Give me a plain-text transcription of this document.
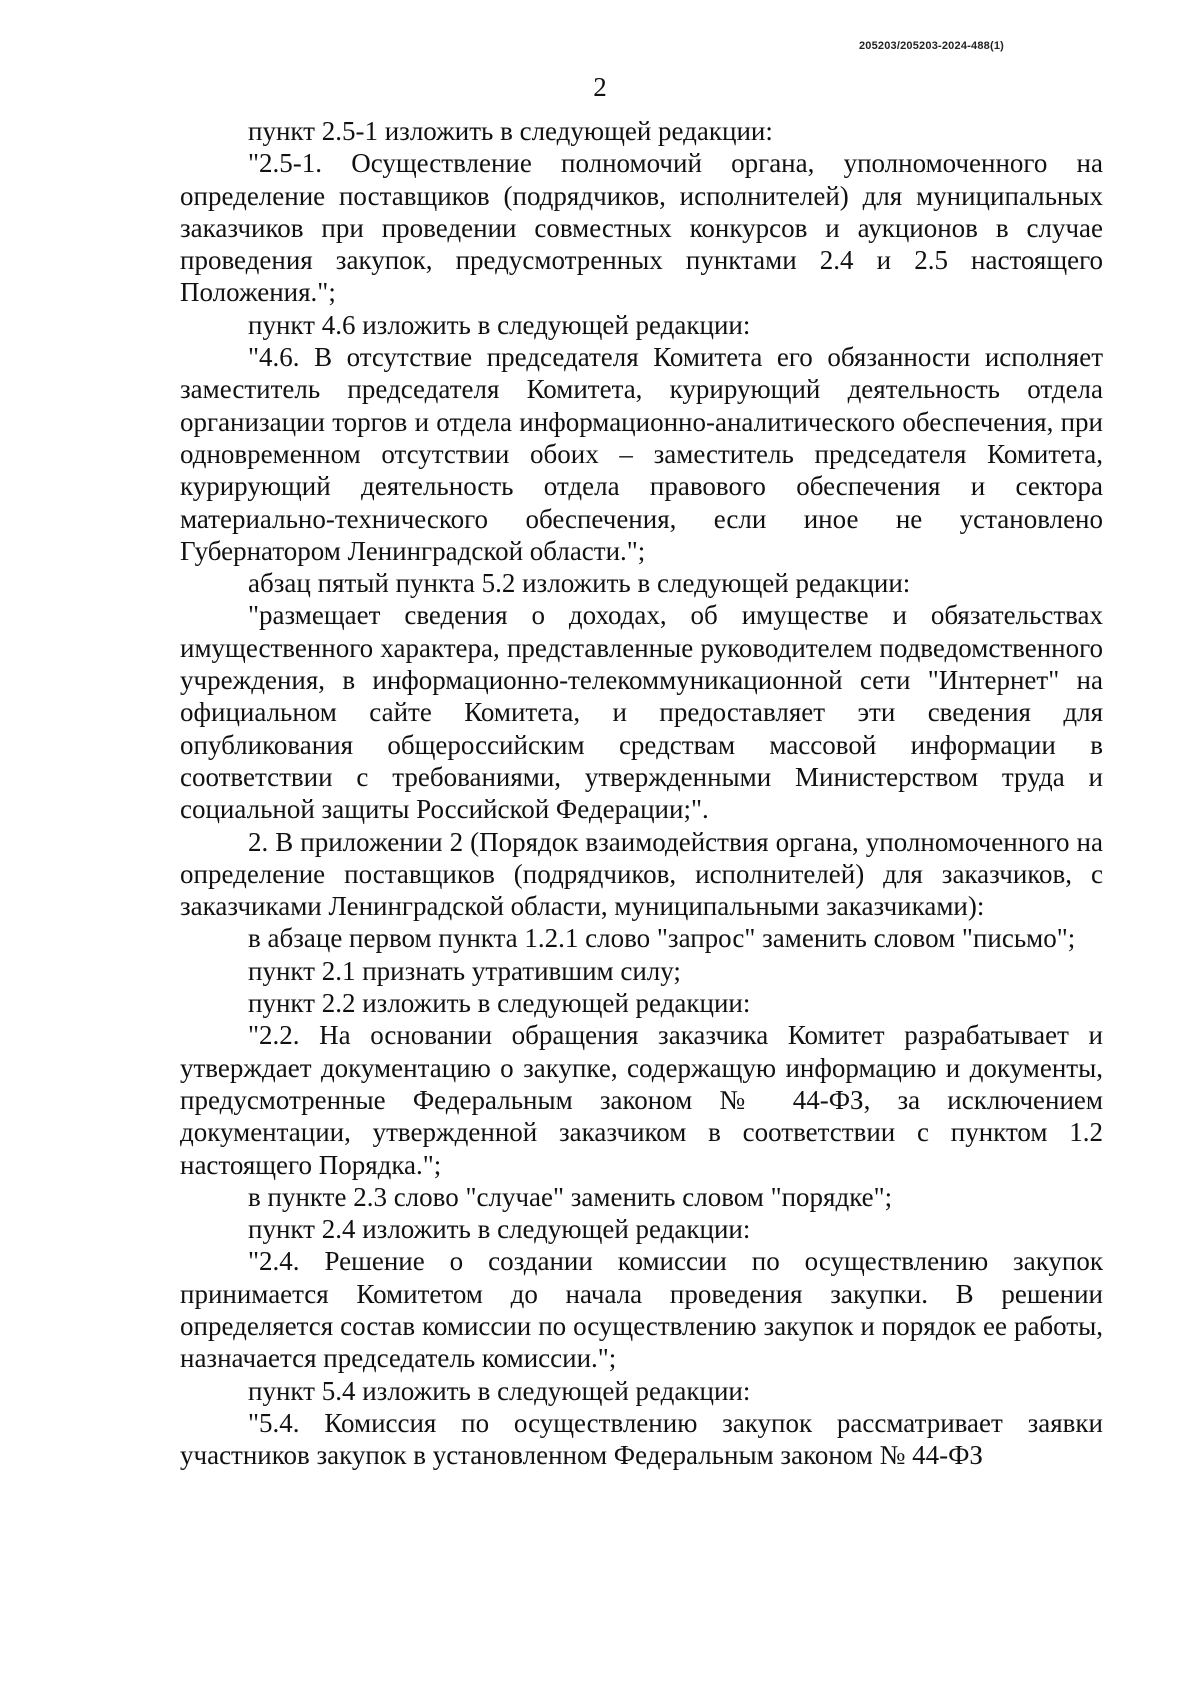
205203/205203-2024-488(1)
2

пункт 2.5-1 изложить в следующей редакции:

"2.5-1. Осуществление полномочий органа, уполномоченного на определение поставщиков (подрядчиков, исполнителей) для муниципальных заказчиков при проведении совместных конкурсов и аукционов в случае проведения закупок, предусмотренных пунктами 2.4 и 2.5 настоящего Положения.";

пункт 4.6 изложить в следующей редакции:

"4.6. В отсутствие председателя Комитета его обязанности исполняет заместитель председателя Комитета, курирующий деятельность отдела организации торгов и отдела информационно-аналитического обеспечения, при одновременном отсутствии обоих – заместитель председателя Комитета, курирующий деятельность отдела правового обеспечения и сектора материально-технического обеспечения, если иное не установлено Губернатором Ленинградской области.";

абзац пятый пункта 5.2 изложить в следующей редакции:

"размещает сведения о доходах, об имуществе и обязательствах имущественного характера, представленные руководителем подведомственного учреждения, в информационно-телекоммуникационной сети "Интернет" на официальном сайте Комитета, и предоставляет эти сведения для опубликования общероссийским средствам массовой информации в соответствии с требованиями, утвержденными Министерством труда и социальной защиты Российской Федерации;".

2. В приложении 2 (Порядок взаимодействия органа, уполномоченного на определение поставщиков (подрядчиков, исполнителей) для заказчиков, с заказчиками Ленинградской области, муниципальными заказчиками):

в абзаце первом пункта 1.2.1 слово "запрос" заменить словом "письмо";

пункт 2.1 признать утратившим силу;

пункт 2.2 изложить в следующей редакции:

"2.2. На основании обращения заказчика Комитет разрабатывает и утверждает документацию о закупке, содержащую информацию и документы, предусмотренные Федеральным законом № 44-ФЗ, за исключением документации, утвержденной заказчиком в соответствии с пунктом 1.2 настоящего Порядка.";

в пункте 2.3 слово "случае" заменить словом "порядке";

пункт 2.4 изложить в следующей редакции:

"2.4. Решение о создании комиссии по осуществлению закупок принимается Комитетом до начала проведения закупки. В решении определяется состав комиссии по осуществлению закупок и порядок ее работы, назначается председатель комиссии.";

пункт 5.4 изложить в следующей редакции:

"5.4. Комиссия по осуществлению закупок рассматривает заявки участников закупок в установленном Федеральным законом № 44-ФЗ
